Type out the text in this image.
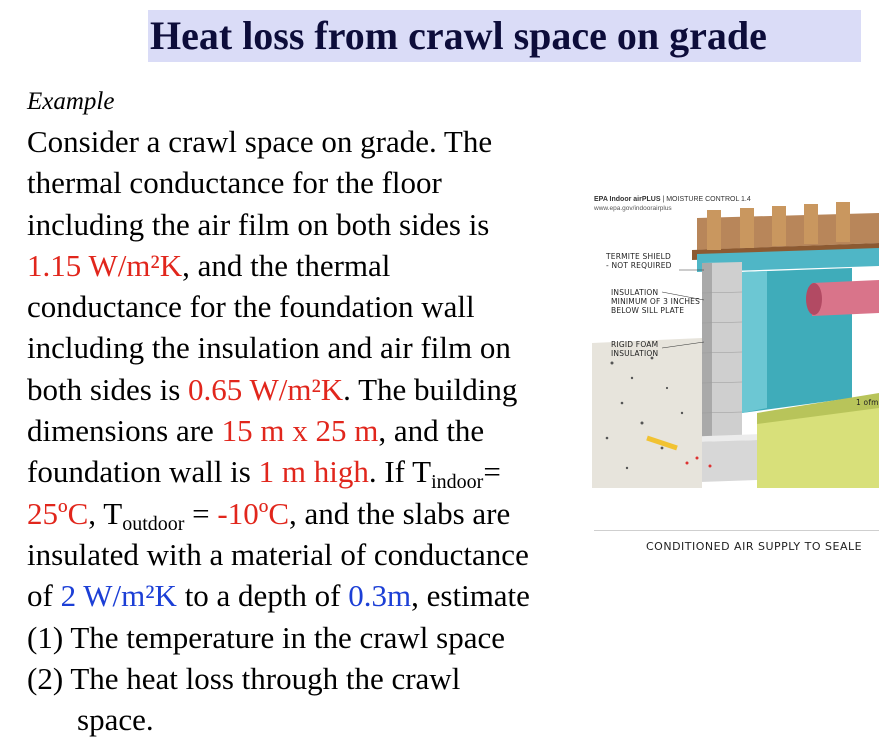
Heat loss from crawl space on grade
Example
Consider a crawl space on grade. The
thermal conductance for the floor
including the air film on both sides is
1.15 W/m²K, and the thermal
conductance for the foundation wall
including the insulation and air film on
both sides is 0.65 W/m²K. The building
dimensions are 15 m x 25 m, and the
foundation wall is 1 m high. If $T_{indoor}=$
25ºC, $T_{outdoor}$ = -10ºC, and the slabs are
insulated with a material of conductance
of 2 W/m²K to a depth of 0.3m, estimate
(1) The temperature in the crawl space
(2) The heat loss through the crawl
space.
EPA Indoor airPLUS | MOISTURE CONTROL 1.4
www.epa.gov/indoorairplus
TERMITE SHIELD
- NOT REQUIRED
INSULATION
MINIMUM OF 3 INCHES
BELOW SILL PLATE
RIGID FOAM
INSULATION
1 ofm
CONDITIONED AIR SUPPLY TO SEALE
